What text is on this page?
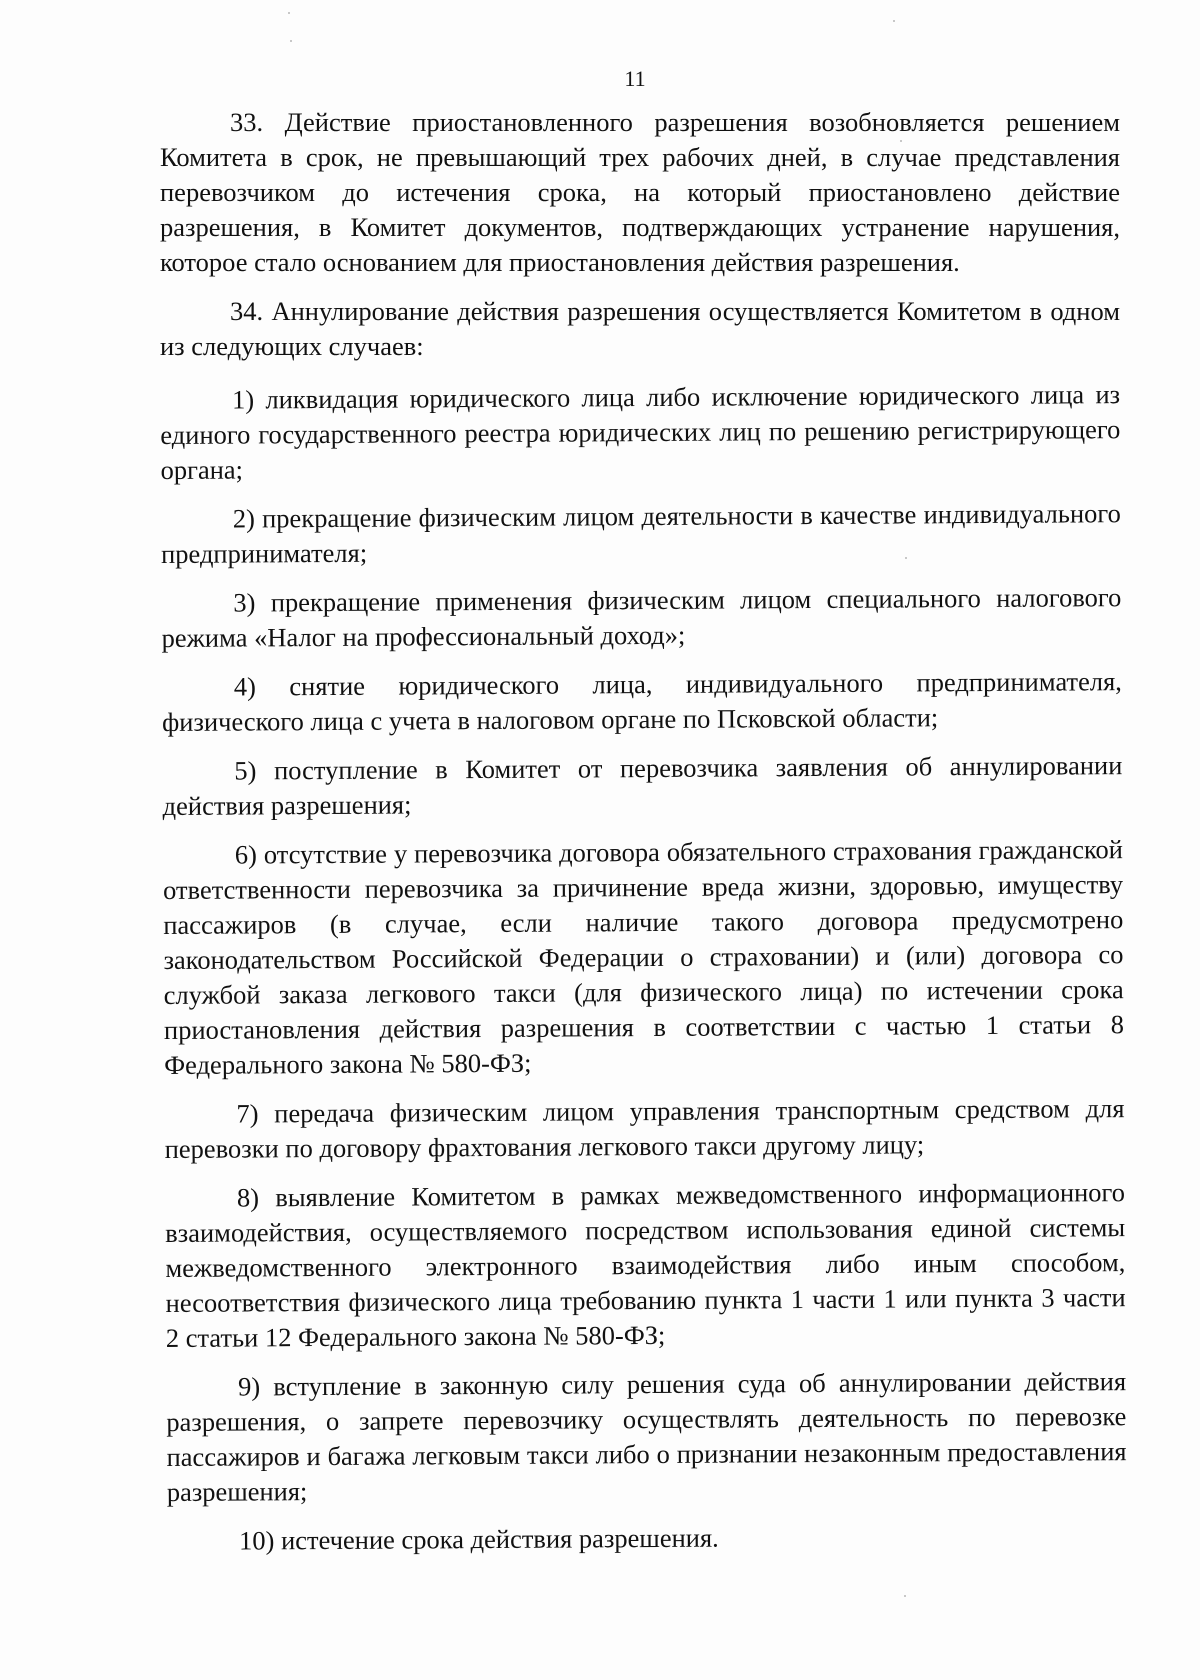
11

33. Действие приостановленного разрешения возобновляется решением Комитета в срок, не превышающий трех рабочих дней, в случае представления перевозчиком до истечения срока, на который приостановлено действие разрешения, в Комитет документов, подтверждающих устранение нарушения, которое стало основанием для приостановления действия разрешения.

34. Аннулирование действия разрешения осуществляется Комитетом в одном из следующих случаев:

1) ликвидация юридического лица либо исключение юридического лица из единого государственного реестра юридических лиц по решению регистрирующего органа;

2) прекращение физическим лицом деятельности в качестве индивидуального предпринимателя;

3) прекращение применения физическим лицом специального налогового режима «Налог на профессиональный доход»;

4) снятие юридического лица, индивидуального предпринимателя, физического лица с учета в налоговом органе по Псковской области;

5) поступление в Комитет от перевозчика заявления об аннулировании действия разрешения;

6) отсутствие у перевозчика договора обязательного страхования гражданской ответственности перевозчика за причинение вреда жизни, здоровью, имуществу пассажиров (в случае, если наличие такого договора предусмотрено законодательством Российской Федерации о страховании) и (или) договора со службой заказа легкового такси (для физического лица) по истечении срока приостановления действия разрешения в соответствии с частью 1 статьи 8 Федерального закона № 580-ФЗ;

7) передача физическим лицом управления транспортным средством для перевозки по договору фрахтования легкового такси другому лицу;

8) выявление Комитетом в рамках межведомственного информационного взаимодействия, осуществляемого посредством использования единой системы межведомственного электронного взаимодействия либо иным способом, несоответствия физического лица требованию пункта 1 части 1 или пункта 3 части 2 статьи 12 Федерального закона № 580-ФЗ;

9) вступление в законную силу решения суда об аннулировании действия разрешения, о запрете перевозчику осуществлять деятельность по перевозке пассажиров и багажа легковым такси либо о признании незаконным предоставления разрешения;

10) истечение срока действия разрешения.
